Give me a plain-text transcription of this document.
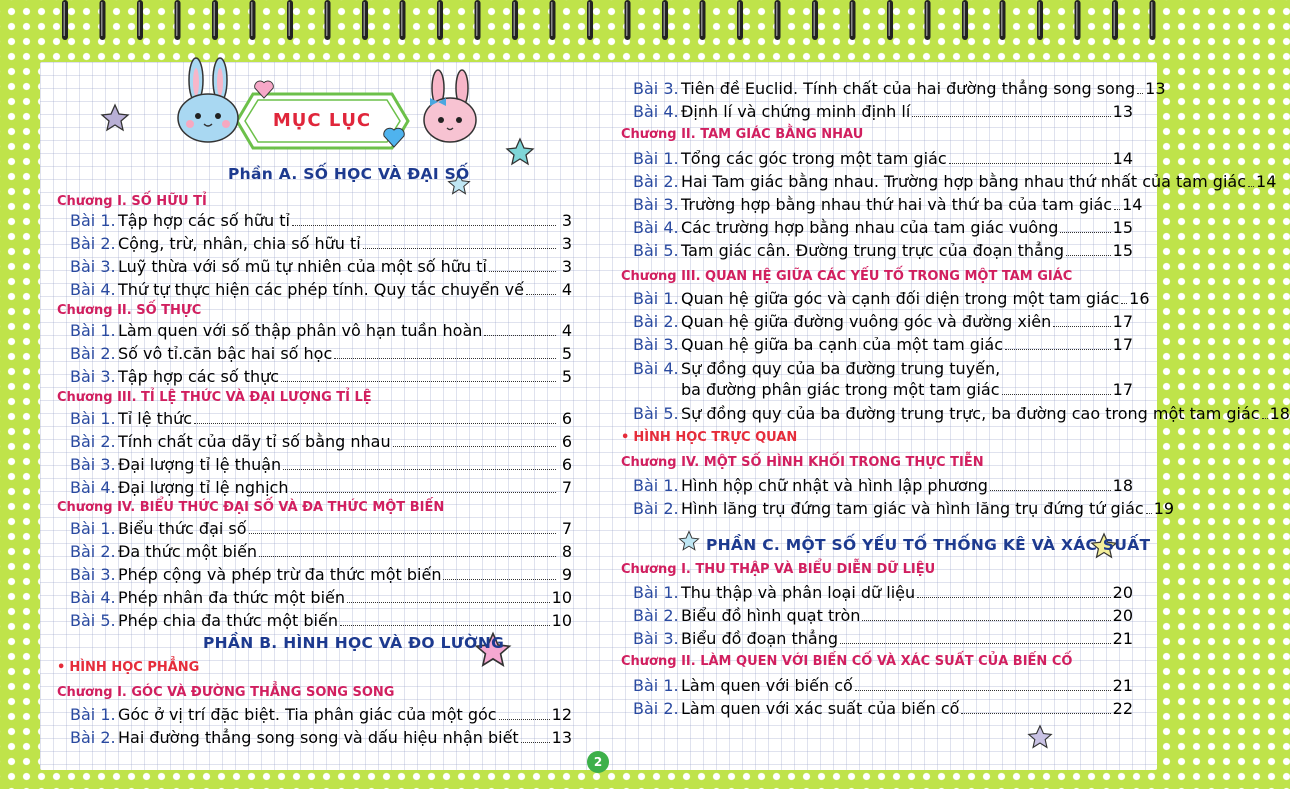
MỤC LỤC
Phần A. SỐ HỌC VÀ ĐẠI SỐ
Chương I. SỐ HỮU TỈ
Bài 1. Tập hợp các số hữu tỉ	3
Bài 2. Cộng, trừ, nhân, chia số hữu tỉ	3
Bài 3. Luỹ thừa với số mũ tự nhiên của một số hữu tỉ	3
Bài 4. Thứ tự thực hiện các phép tính. Quy tắc chuyển vế 4
Chương II. SỐ THỰC
Bài 1. Làm quen với số thập phân vô hạn tuần hoàn	4
Bài 2. Số vô tỉ.căn bậc hai số học	5
Bài 3. Tập hợp các số thực	5
Chương III. TỈ LỆ THỨC VÀ ĐẠI LƯỢNG TỈ LỆ
Bài 1. Tỉ lệ thức	6
Bài 2. Tính chất của dãy tỉ số bằng nhau	6
Bài 3. Đại lượng tỉ lệ thuận	6
Bài 4. Đại lượng tỉ lệ nghịch	7
Chương IV. BIỂU THỨC ĐẠI SỐ VÀ ĐA THỨC MỘT BIẾN
Bài 1. Biểu thức đại số	7
Bài 2. Đa thức một biến	8
Bài 3. Phép cộng và phép trừ đa thức một biến	9
Bài 4. Phép nhân đa thức một biến	10
Bài 5. Phép chia đa thức một biến	10
PHẦN B. HÌNH HỌC VÀ ĐO LƯỜNG
• HÌNH HỌC PHẲNG
Chương I. GÓC VÀ ĐƯỜNG THẲNG SONG SONG
Bài 1. Góc ở vị trí đặc biệt. Tia phân giác của một góc	12
Bài 2. Hai đường thẳng song song và dấu hiệu nhận biết 13
Bài 3. Tiên đề Euclid. Tính chất của hai đường thẳng song song 13
Bài 4. Định lí và chứng minh định lí	13
Chương II. TAM GIÁC BẰNG NHAU
Bài 1. Tổng các góc trong một tam giác	14
Bài 2. Hai Tam giác bằng nhau. Trường hợp bằng nhau thứ nhất của tam giác 14
Bài 3. Trường hợp bằng nhau thứ hai và thứ ba của tam giác 14
Bài 4. Các trường hợp bằng nhau của tam giác vuông	15
Bài 5. Tam giác cân. Đường trung trực của đoạn thẳng	15
Chương III. QUAN HỆ GIỮA CÁC YẾU TỐ TRONG MỘT TAM GIÁC
Bài 1. Quan hệ giữa góc và cạnh đối diện trong một tam giác 16
Bài 2. Quan hệ giữa đường vuông góc và đường xiên	17
Bài 3. Quan hệ giữa ba cạnh của một tam giác	17
Bài 4. Sự đồng quy của ba đường trung tuyến,
ba đường phân giác trong một tam giác	17
Bài 5. Sự đồng quy của ba đường trung trực, ba đường cao trong một tam giác 18
• HÌNH HỌC TRỰC QUAN
Chương IV. MỘT SỐ HÌNH KHỐI TRONG THỰC TIỄN
Bài 1. Hình hộp chữ nhật và hình lập phương	18
Bài 2. Hình lăng trụ đứng tam giác và hình lăng trụ đứng tứ giác 19
PHẦN C. MỘT SỐ YẾU TỐ THỐNG KÊ VÀ XÁC SUẤT
Chương I. THU THẬP VÀ BIỂU DIỄN DỮ LIỆU
Bài 1. Thu thập và phân loại dữ liệu	20
Bài 2. Biểu đồ hình quạt tròn	20
Bài 3. Biểu đồ đoạn thẳng	21
Chương II. LÀM QUEN VỚI BIẾN CỐ VÀ XÁC SUẤT CỦA BIẾN CỐ
Bài 1. Làm quen với biến cố	21
Bài 2. Làm quen với xác suất của biến cố	22
2
